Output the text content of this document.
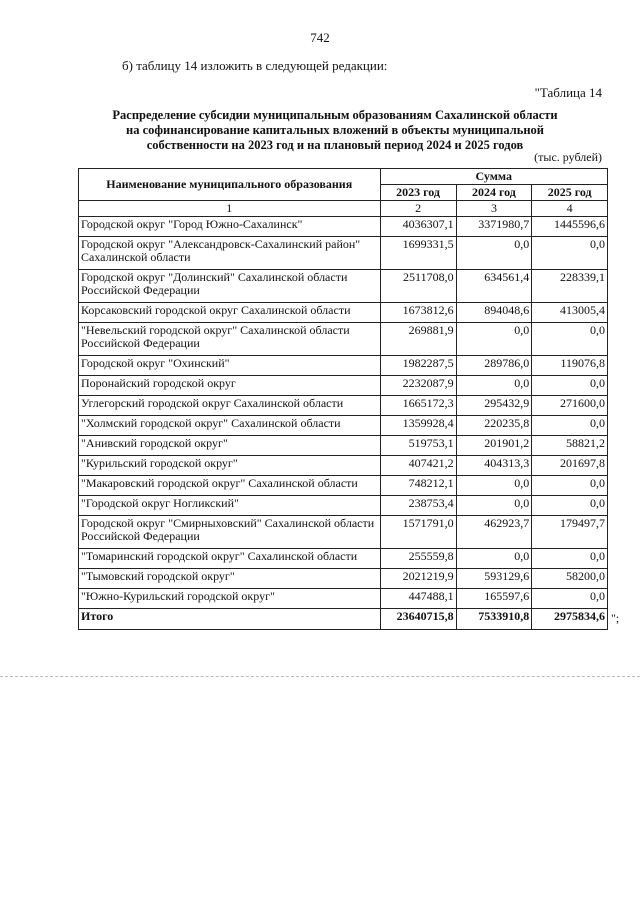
742
б) таблицу 14 изложить в следующей редакции:
"Таблица 14
Распределение субсидии муниципальным образованиям Сахалинской области
на софинансирование капитальных вложений в объекты муниципальной
собственности на 2023 год и на плановый период 2024 и 2025 годов
(тыс. рублей)
Наименование муниципального образования	Сумма		
	2023 год	2024 год	2025 год
1	2	3	4
Городской округ "Город Южно-Сахалинск"	4036307,1	3371980,7	1445596,6
Городской округ "Александровск-Сахалинский район" Сахалинской области	1699331,5	0,0	0,0
Городской округ "Долинский" Сахалинской области Российской Федерации	2511708,0	634561,4	228339,1
Корсаковский городской округ Сахалинской области	1673812,6	894048,6	413005,4
"Невельский городской округ" Сахалинской области Российской Федерации	269881,9	0,0	0,0
Городской округ "Охинский"	1982287,5	289786,0	119076,8
Поронайский городской округ	2232087,9	0,0	0,0
Углегорский городской округ Сахалинской области	1665172,3	295432,9	271600,0
"Холмский городской округ" Сахалинской области	1359928,4	220235,8	0,0
"Анивский городской округ"	519753,1	201901,2	58821,2
"Курильский городской округ"	407421,2	404313,3	201697,8
"Макаровский городской округ" Сахалинской области	748212,1	0,0	0,0
"Городской округ Ногликский"	238753,4	0,0	0,0
Городской округ "Смирныховский" Сахалинской области Российской Федерации	1571791,0	462923,7	179497,7
"Томаринский городской округ" Сахалинской области	255559,8	0,0	0,0
"Тымовский городской округ"	2021219,9	593129,6	58200,0
"Южно-Курильский городской округ"	447488,1	165597,6	0,0
Итого	23640715,8	7533910,8	2975834,6 ";
